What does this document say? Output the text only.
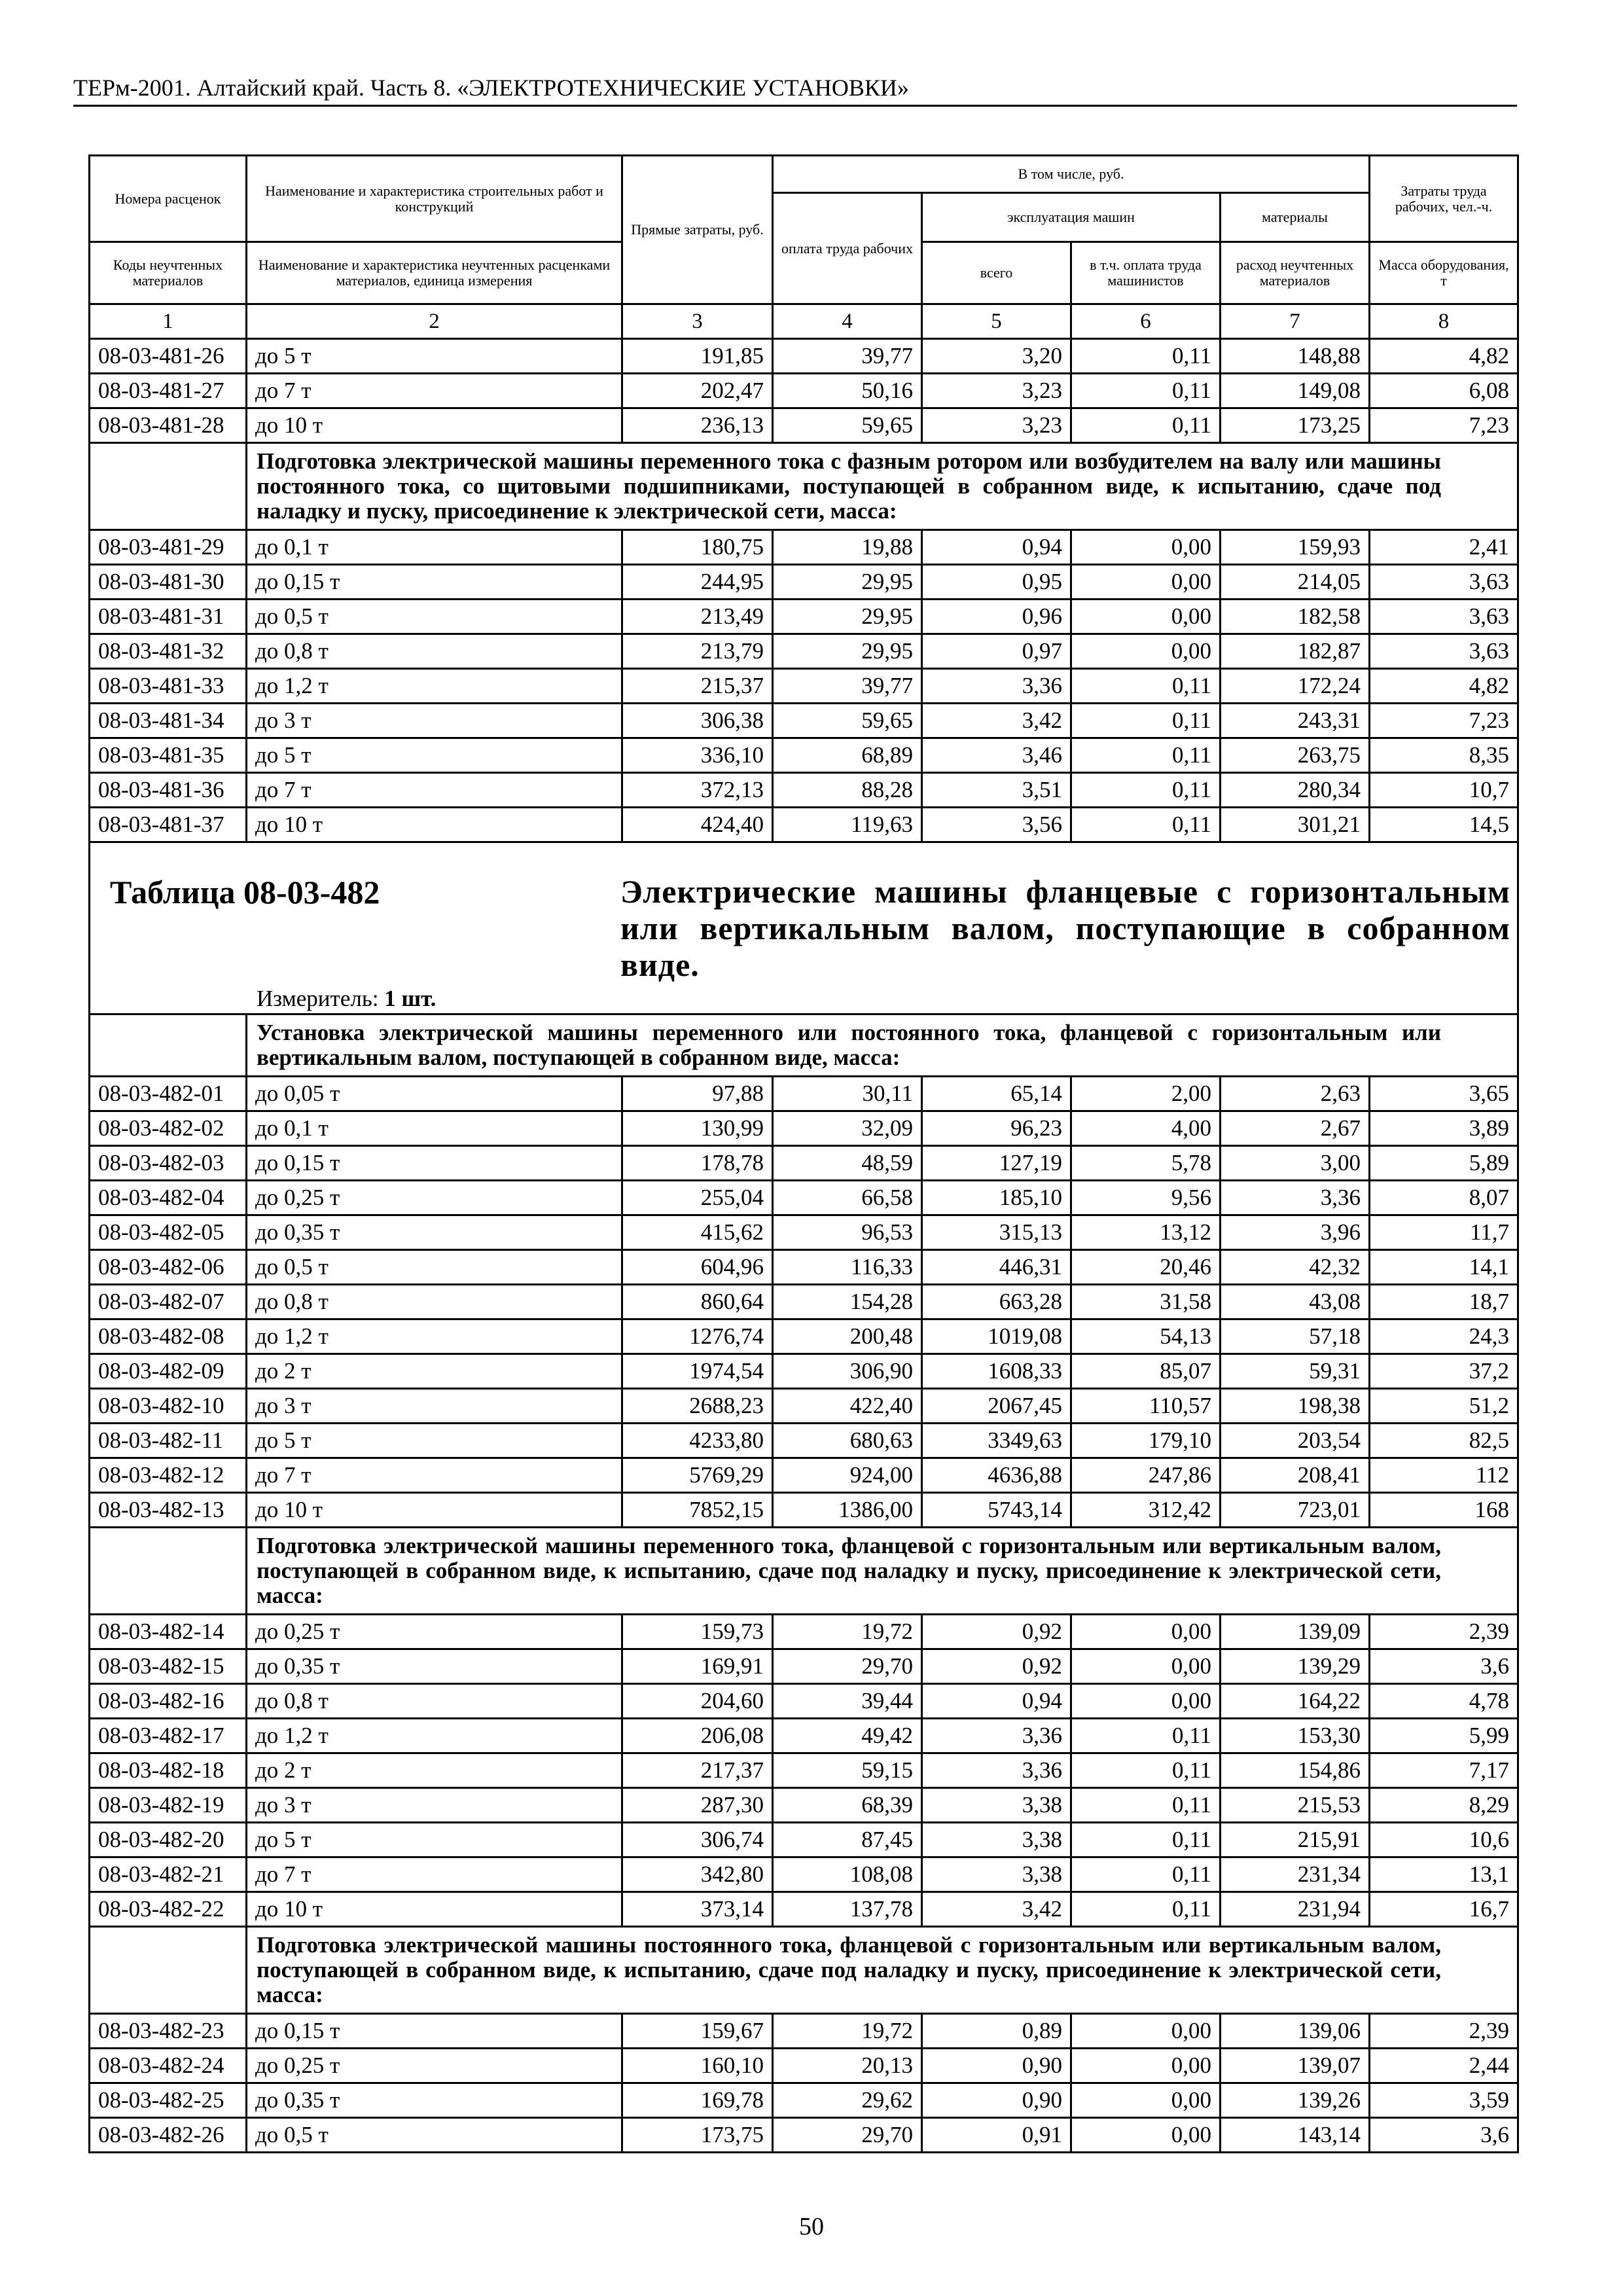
ТЕРм-2001. Алтайский край. Часть 8. «ЭЛЕКТРОТЕХНИЧЕСКИЕ УСТАНОВКИ»
Номера расценок	Наименование и характеристика строительных работ и конструкций	Прямые затраты, руб.	В том числе, руб.				Затраты труда рабочих, чел.-ч.
			оплата труда рабочих	эксплуатация машин		материалы	
Коды неучтенных материалов	Наименование и характеристика неучтенных расценками материалов, единица измерения			всего	в т.ч. оплата труда машинистов	расход неучтенных материалов	Масса оборудования, т
1	2	3	4	5	6	7	8
08-03-481-26	до 5 т	191,85	39,77	3,20	0,11	148,88	4,82
08-03-481-27	до 7 т	202,47	50,16	3,23	0,11	149,08	6,08
08-03-481-28	до 10 т	236,13	59,65	3,23	0,11	173,25	7,23

	Подготовка электрической машины переменного тока с фазным ротором или возбудителем на валу или машины постоянного тока, со щитовыми подшипниками, поступающей в собранном виде, к испытанию, сдаче под наладку и пуску, присоединение к электрической сети, масса:						

08-03-481-29	до 0,1 т	180,75	19,88	0,94	0,00	159,93	2,41
08-03-481-30	до 0,15 т	244,95	29,95	0,95	0,00	214,05	3,63
08-03-481-31	до 0,5 т	213,49	29,95	0,96	0,00	182,58	3,63
08-03-481-32	до 0,8 т	213,79	29,95	0,97	0,00	182,87	3,63
08-03-481-33	до 1,2 т	215,37	39,77	3,36	0,11	172,24	4,82
08-03-481-34	до 3 т	306,38	59,65	3,42	0,11	243,31	7,23
08-03-481-35	до 5 т	336,10	68,89	3,46	0,11	263,75	8,35
08-03-481-36	до 7 т	372,13	88,28	3,51	0,11	280,34	10,7
08-03-481-37	до 10 т	424,40	119,63	3,56	0,11	301,21	14,5

Таблица 08-03-482 Электрические машины фланцевые с горизонтальным или вертикальным валом, поступающие в собранном виде.
Измеритель: 1 шт.							

	Установка электрической машины переменного или постоянного тока, фланцевой с горизонтальным или вертикальным валом, поступающей в собранном виде, масса:						

08-03-482-01	до 0,05 т	97,88	30,11	65,14	2,00	2,63	3,65
08-03-482-02	до 0,1 т	130,99	32,09	96,23	4,00	2,67	3,89
08-03-482-03	до 0,15 т	178,78	48,59	127,19	5,78	3,00	5,89
08-03-482-04	до 0,25 т	255,04	66,58	185,10	9,56	3,36	8,07
08-03-482-05	до 0,35 т	415,62	96,53	315,13	13,12	3,96	11,7
08-03-482-06	до 0,5 т	604,96	116,33	446,31	20,46	42,32	14,1
08-03-482-07	до 0,8 т	860,64	154,28	663,28	31,58	43,08	18,7
08-03-482-08	до 1,2 т	1276,74	200,48	1019,08	54,13	57,18	24,3
08-03-482-09	до 2 т	1974,54	306,90	1608,33	85,07	59,31	37,2
08-03-482-10	до 3 т	2688,23	422,40	2067,45	110,57	198,38	51,2
08-03-482-11	до 5 т	4233,80	680,63	3349,63	179,10	203,54	82,5
08-03-482-12	до 7 т	5769,29	924,00	4636,88	247,86	208,41	112
08-03-482-13	до 10 т	7852,15	1386,00	5743,14	312,42	723,01	168

	Подготовка электрической машины переменного тока, фланцевой с горизонтальным или вертикальным валом, поступающей в собранном виде, к испытанию, сдаче под наладку и пуску, присоединение к электрической сети, масса:						

08-03-482-14	до 0,25 т	159,73	19,72	0,92	0,00	139,09	2,39
08-03-482-15	до 0,35 т	169,91	29,70	0,92	0,00	139,29	3,6
08-03-482-16	до 0,8 т	204,60	39,44	0,94	0,00	164,22	4,78
08-03-482-17	до 1,2 т	206,08	49,42	3,36	0,11	153,30	5,99
08-03-482-18	до 2 т	217,37	59,15	3,36	0,11	154,86	7,17
08-03-482-19	до 3 т	287,30	68,39	3,38	0,11	215,53	8,29
08-03-482-20	до 5 т	306,74	87,45	3,38	0,11	215,91	10,6
08-03-482-21	до 7 т	342,80	108,08	3,38	0,11	231,34	13,1
08-03-482-22	до 10 т	373,14	137,78	3,42	0,11	231,94	16,7

	Подготовка электрической машины постоянного тока, фланцевой с горизонтальным или вертикальным валом, поступающей в собранном виде, к испытанию, сдаче под наладку и пуску, присоединение к электрической сети, масса:						

08-03-482-23	до 0,15 т	159,67	19,72	0,89	0,00	139,06	2,39
08-03-482-24	до 0,25 т	160,10	20,13	0,90	0,00	139,07	2,44
08-03-482-25	до 0,35 т	169,78	29,62	0,90	0,00	139,26	3,59
08-03-482-26	до 0,5 т	173,75	29,70	0,91	0,00	143,14	3,6
50
